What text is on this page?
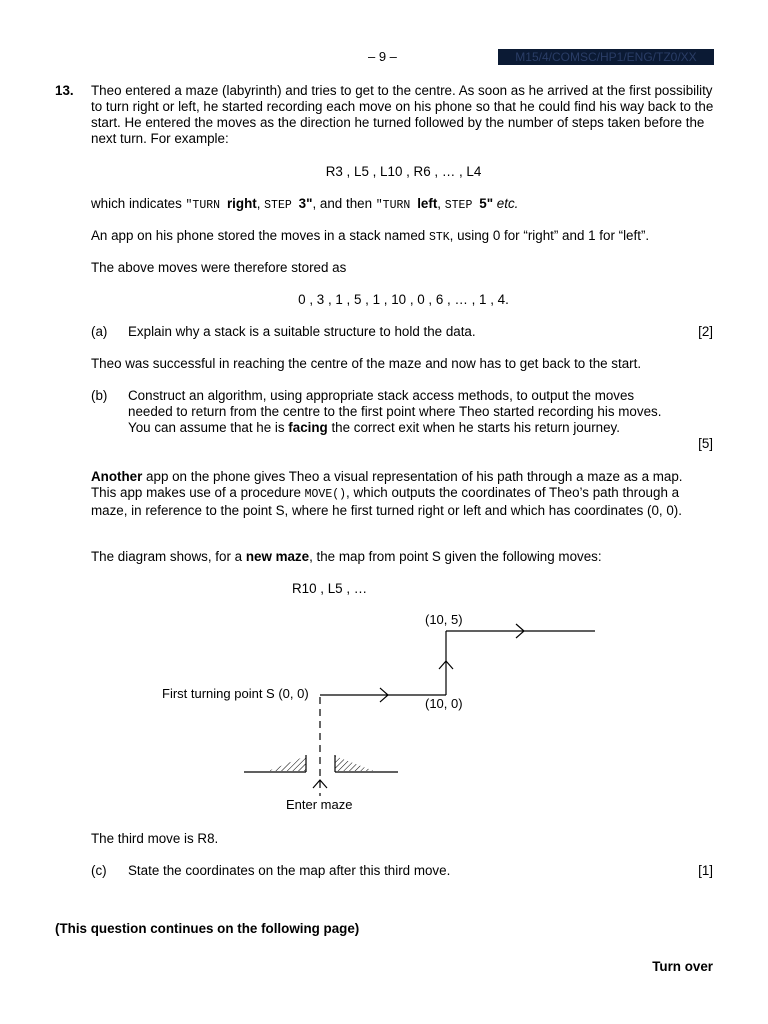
– 9 –	M15/4/COMSC/HP1/ENG/TZ0/XX
13. Theo entered a maze (labyrinth) and tries to get to the centre. As soon as he arrived at the first possibility to turn right or left, he started recording each move on his phone so that he could find his way back to the start. He entered the moves as the direction he turned followed by the number of steps taken before the next turn. For example:
R3 , L5 , L10 , R6 , … , L4
which indicates "TURN right, STEP 3", and then "TURN left, STEP 5" etc.
An app on his phone stored the moves in a stack named STK, using 0 for “right” and 1 for “left”.
The above moves were therefore stored as
0 , 3 , 1 , 5 , 1 , 10 , 0 , 6 , … , 1 , 4.
(a) Explain why a stack is a suitable structure to hold the data.	[2]
Theo was successful in reaching the centre of the maze and now has to get back to the start.
(b) Construct an algorithm, using appropriate stack access methods, to output the moves needed to return from the centre to the first point where Theo started recording his moves. You can assume that he is facing the correct exit when he starts his return journey.
[5]
Another app on the phone gives Theo a visual representation of his path through a maze as a map. This app makes use of a procedure MOVE(), which outputs the coordinates of Theo’s path through a maze, in reference to the point S, where he first turned right or left and which has coordinates (0, 0).
The diagram shows, for a new maze, the map from point S given the following moves:
R10 , L5 , …
First turning point S (0, 0)
(10, 0)
(10, 5)
Enter maze
The third move is R8.
(c) State the coordinates on the map after this third move.	[1]
(This question continues on the following page)
Turn over
